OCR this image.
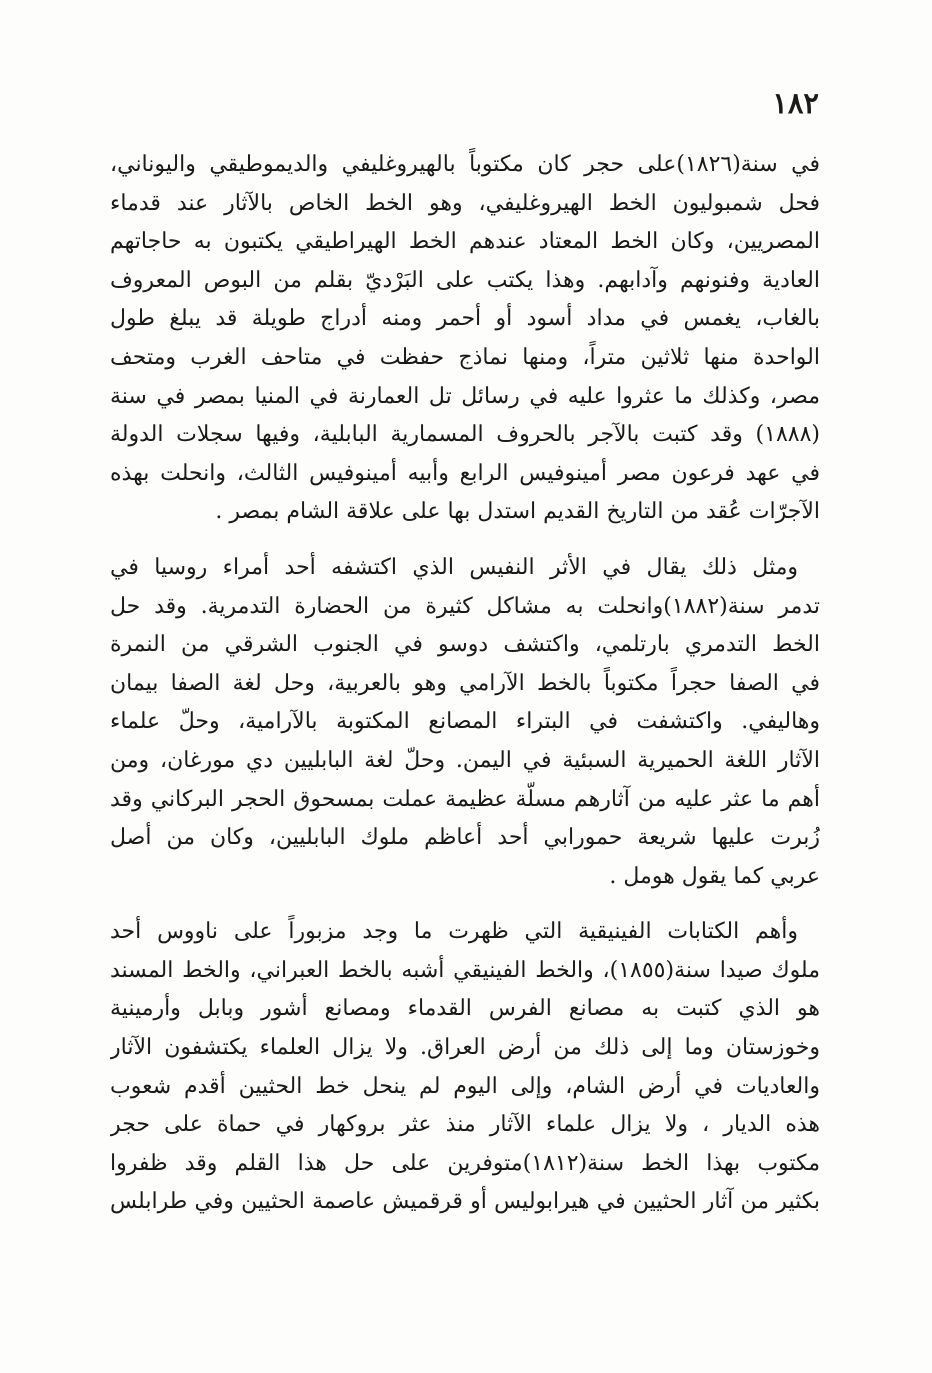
١٨٢
في سنة(١٨٢٦)على حجر كان مكتوباً بالهيروغليفي والديموطيقي واليوناني،
فحل شمبوليون الخط الهيروغليفي، وهو الخط الخاص بالآثار عند قدماء
المصريين، وكان الخط المعتاد عندهم الخط الهيراطيقي يكتبون به حاجاتهم
العادية وفنونهم وآدابهم. وهذا يكتب على البَرْديّ بقلم من البوص المعروف
بالغاب، يغمس في مداد أسود أو أحمر ومنه أدراج طويلة قد يبلغ طول
الواحدة منها ثلاثين متراً، ومنها نماذج حفظت في متاحف الغرب ومتحف
مصر، وكذلك ما عثروا عليه في رسائل تل العمارنة في المنيا بمصر في سنة
(١٨٨٨) وقد كتبت بالآجر بالحروف المسمارية البابلية، وفيها سجلات الدولة
في عهد فرعون مصر أمينوفيس الرابع وأبيه أمينوفيس الثالث، وانحلت بهذه
الآجرّات عُقد من التاريخ القديم استدل بها على علاقة الشام بمصر .
ومثل ذلك يقال في الأثر النفيس الذي اكتشفه أحد أمراء روسيا في
تدمر سنة(١٨٨٢)وانحلت به مشاكل كثيرة من الحضارة التدمرية. وقد حل
الخط التدمري بارتلمي، واكتشف دوسو في الجنوب الشرقي من النمرة
في الصفا حجراً مكتوباً بالخط الآرامي وهو بالعربية، وحل لغة الصفا بيمان
وهاليفي. واكتشفت في البتراء المصانع المكتوبة بالآرامية، وحلّ علماء
الآثار اللغة الحميرية السبئية في اليمن. وحلّ لغة البابليين دي مورغان، ومن
أهم ما عثر عليه من آثارهم مسلّة عظيمة عملت بمسحوق الحجر البركاني وقد
زُبرت عليها شريعة حمورابي أحد أعاظم ملوك البابليين، وكان من أصل
عربي كما يقول هومل .
وأهم الكتابات الفينيقية التي ظهرت ما وجد مزبوراً على ناووس أحد
ملوك صيدا سنة(١٨٥٥)، والخط الفينيقي أشبه بالخط العبراني، والخط المسند
هو الذي كتبت به مصانع الفرس القدماء ومصانع أشور وبابل وأرمينية
وخوزستان وما إلى ذلك من أرض العراق. ولا يزال العلماء يكتشفون الآثار
والعاديات في أرض الشام، وإلى اليوم لم ينحل خط الحثيين أقدم شعوب
هذه الديار ، ولا يزال علماء الآثار منذ عثر بروكهار في حماة على حجر
مكتوب بهذا الخط سنة(١٨١٢)متوفرين على حل هذا القلم وقد ظفروا
بكثير من آثار الحثيين في هيرابوليس أو قرقميش عاصمة الحثيين وفي طرابلس
